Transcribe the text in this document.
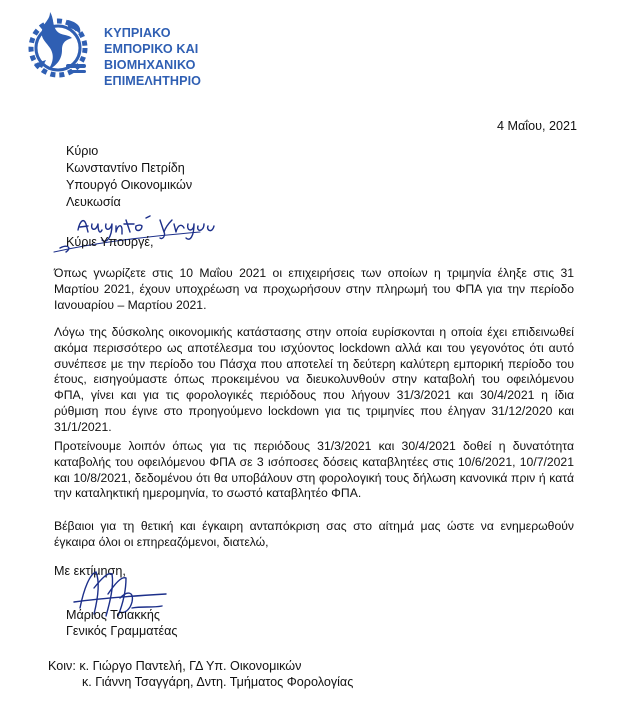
ΚΥΠΡΙΑΚΟ
ΕΜΠΟΡΙΚΟ ΚΑΙ
ΒΙΟΜΗΧΑΝΙΚΟ
ΕΠΙΜΕΛΗΤΗΡΙΟ
4 Μαΐου, 2021
Κύριο
Κωνσταντίνο Πετρίδη
Υπουργό Οικονομικών
Λευκωσία
Κύριε Υπουργέ,
Όπως γνωρίζετε στις 10 Μαΐου 2021 οι επιχειρήσεις των οποίων η τριμηνία έληξε στις 31 Μαρτίου 2021, έχουν υποχρέωση να προχωρήσουν στην πληρωμή του ΦΠΑ για την περίοδο Ιανουαρίου – Μαρτίου 2021.
Λόγω της δύσκολης οικονομικής κατάστασης στην οποία ευρίσκονται η οποία έχει επιδεινωθεί ακόμα περισσότερο ως αποτέλεσμα του ισχύοντος lockdown αλλά και του γεγονότος ότι αυτό συνέπεσε με την περίοδο του Πάσχα που αποτελεί τη δεύτερη καλύτερη εμπορική περίοδο του έτους, εισηγούμαστε όπως προκειμένου να διευκολυνθούν στην καταβολή του οφειλόμενου ΦΠΑ, γίνει και για τις φορολογικές περιόδους που λήγουν 31/3/2021 και 30/4/2021 η ίδια ρύθμιση που έγινε στο προηγούμενο lockdown για τις τριμηνίες που έληγαν 31/12/2020 και 31/1/2021.
Προτείνουμε λοιπόν όπως για τις περιόδους 31/3/2021 και 30/4/2021 δοθεί η δυνατότητα καταβολής του οφειλόμενου ΦΠΑ σε 3 ισόποσες δόσεις καταβλητέες στις 10/6/2021, 10/7/2021 και 10/8/2021, δεδομένου ότι θα υποβάλουν στη φορολογική τους δήλωση κανονικά πριν ή κατά την καταληκτική ημερομηνία, το σωστό καταβλητέο ΦΠΑ.
Βέβαιοι για τη θετική και έγκαιρη ανταπόκριση σας στο αίτημά μας ώστε να ενημερωθούν έγκαιρα όλοι οι επηρεαζόμενοι, διατελώ,
Με εκτίμηση,
Μάριος Τσιακκής
Γενικός Γραμματέας
Κοιν: κ. Γιώργο Παντελή, ΓΔ Υπ. Οικονομικών
κ. Γιάννη Τσαγγάρη, Δντη. Τμήματος Φορολογίας
